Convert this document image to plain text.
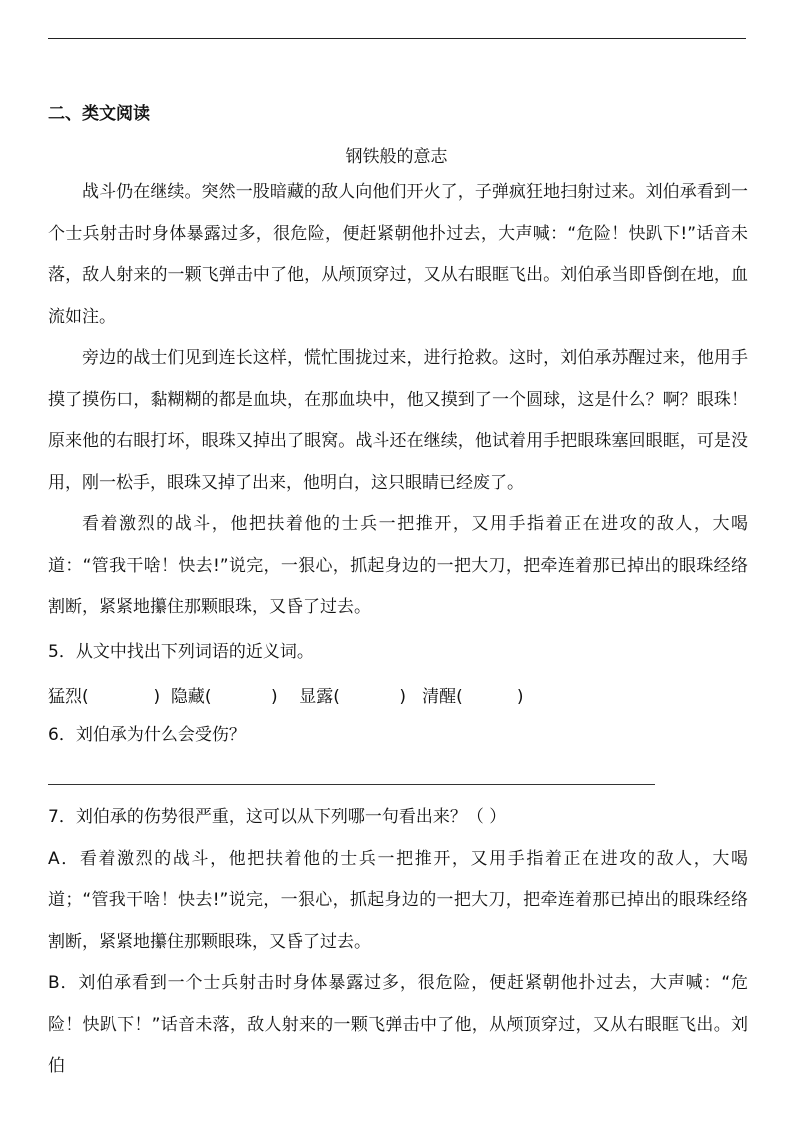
二、类文阅读
钢铁般的意志

战斗仍在继续。突然一股暗藏的敌人向他们开火了，子弹疯狂地扫射过来。刘伯承看到一个士兵射击时身体暴露过多，很危险，便赶紧朝他扑过去，大声喊：“危险！快趴下!”话音未落，敌人射来的一颗飞弹击中了他，从颅顶穿过，又从右眼眶飞出。刘伯承当即昏倒在地，血流如注。

旁边的战士们见到连长这样，慌忙围拢过来，进行抢救。这时，刘伯承苏醒过来，他用手摸了摸伤口，黏糊糊的都是血块，在那血块中，他又摸到了一个圆球，这是什么？啊？眼珠！原来他的右眼打坏，眼珠又掉出了眼窝。战斗还在继续，他试着用手把眼珠塞回眼眶，可是没用，刚一松手，眼珠又掉了出来，他明白，这只眼睛已经废了。

看着激烈的战斗，他把扶着他的士兵一把推开，又用手指着正在进攻的敌人，大喝道：“管我干啥！快去!”说完，一狠心，抓起身边的一把大刀，把牵连着那已掉出的眼珠经络割断，紧紧地攥住那颗眼珠，又昏了过去。

5．从文中找出下列词语的近义词。
猛烈(            )  隐藏(           )    显露(           )   清醒(          )
6．刘伯承为什么会受伤？

7．刘伯承的伤势很严重，这可以从下列哪一句看出来？（ ）

A．看着激烈的战斗，他把扶着他的士兵一把推开，又用手指着正在进攻的敌人，大喝道；“管我干啥！快去!”说完，一狠心，抓起身边的一把大刀，把牵连着那已掉出的眼珠经络割断，紧紧地攥住那颗眼珠，又昏了过去。

B．刘伯承看到一个士兵射击时身体暴露过多，很危险，便赶紧朝他扑过去，大声喊：“危险！快趴下！”话音未落，敌人射来的一颗飞弹击中了他，从颅顶穿过，又从右眼眶飞出。刘伯
